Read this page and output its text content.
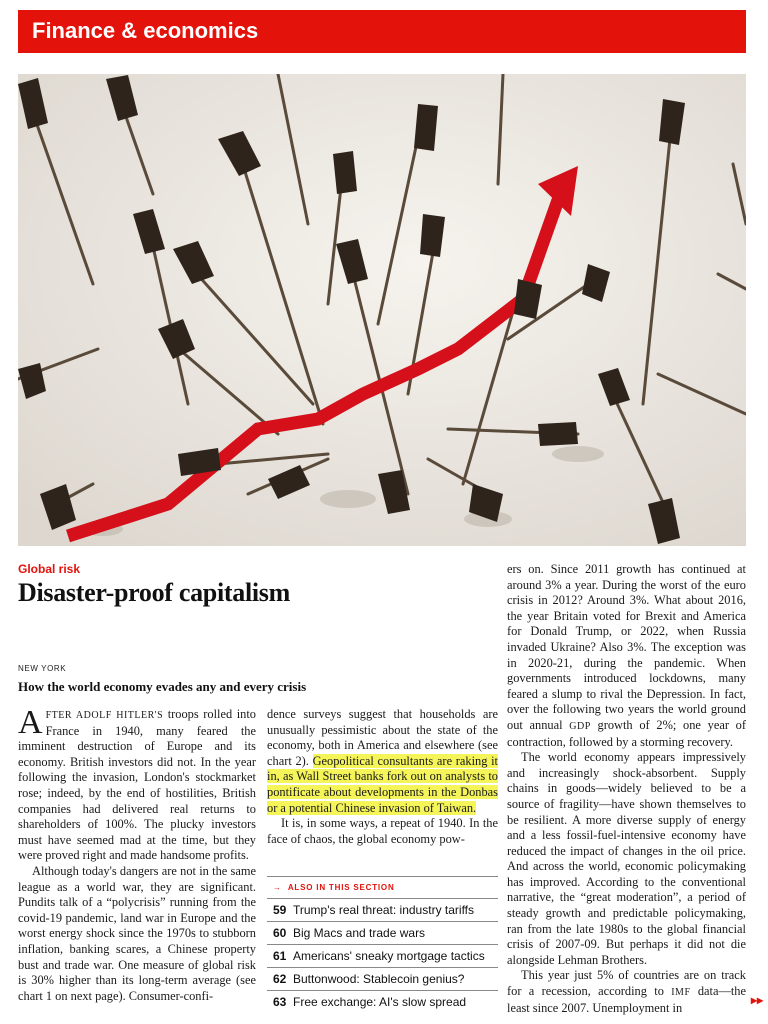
Finance & economics
Global risk
Disaster-proof capitalism
NEW YORK
How the world economy evades any and every crisis

AFTER ADOLF HITLER'S troops rolled into France in 1940, many feared the imminent destruction of Europe and its economy. British investors did not. In the year following the invasion, London's stockmarket rose; indeed, by the end of hostilities, British companies had delivered real returns to shareholders of 100%. The plucky investors must have seemed mad at the time, but they were proved right and made handsome profits.

Although today's dangers are not in the same league as a world war, they are significant. Pundits talk of a “polycrisis” running from the covid-19 pandemic, land war in Europe and the worst energy shock since the 1970s to stubborn inflation, banking scares, a Chinese property bust and trade war. One measure of global risk is 30% higher than its long-term average (see chart 1 on next page). Consumer-confi-

dence surveys suggest that households are unusually pessimistic about the state of the economy, both in America and elsewhere (see chart 2). Geopolitical consultants are raking it in, as Wall Street banks fork out on analysts to pontificate about developments in the Donbas or a potential Chinese invasion of Taiwan.

It is, in some ways, a repeat of 1940. In the face of chaos, the global economy pow-

→ ALSO IN THIS SECTION
59 Trump's real threat: industry tariffs
60 Big Macs and trade wars
61 Americans' sneaky mortgage tactics
62 Buttonwood: Stablecoin genius?
63 Free exchange: AI's slow spread

ers on. Since 2011 growth has continued at around 3% a year. During the worst of the euro crisis in 2012? Around 3%. What about 2016, the year Britain voted for Brexit and America for Donald Trump, or 2022, when Russia invaded Ukraine? Also 3%. The exception was in 2020-21, during the pandemic. When governments introduced lockdowns, many feared a slump to rival the Depression. In fact, over the following two years the world ground out annual GDP growth of 2%; one year of contraction, followed by a storming recovery.

The world economy appears impressively and increasingly shock-absorbent. Supply chains in goods—widely believed to be a source of fragility—have shown themselves to be resilient. A more diverse supply of energy and a less fossil-fuel-intensive economy have reduced the impact of changes in the oil price. And across the world, economic policymaking has improved. According to the conventional narrative, the “great moderation”, a period of steady growth and predictable policymaking, ran from the late 1980s to the global financial crisis of 2007-09. But perhaps it did not die alongside Lehman Brothers.

This year just 5% of countries are on track for a recession, according to IMF data—the least since 2007. Unemployment in

▸▸
